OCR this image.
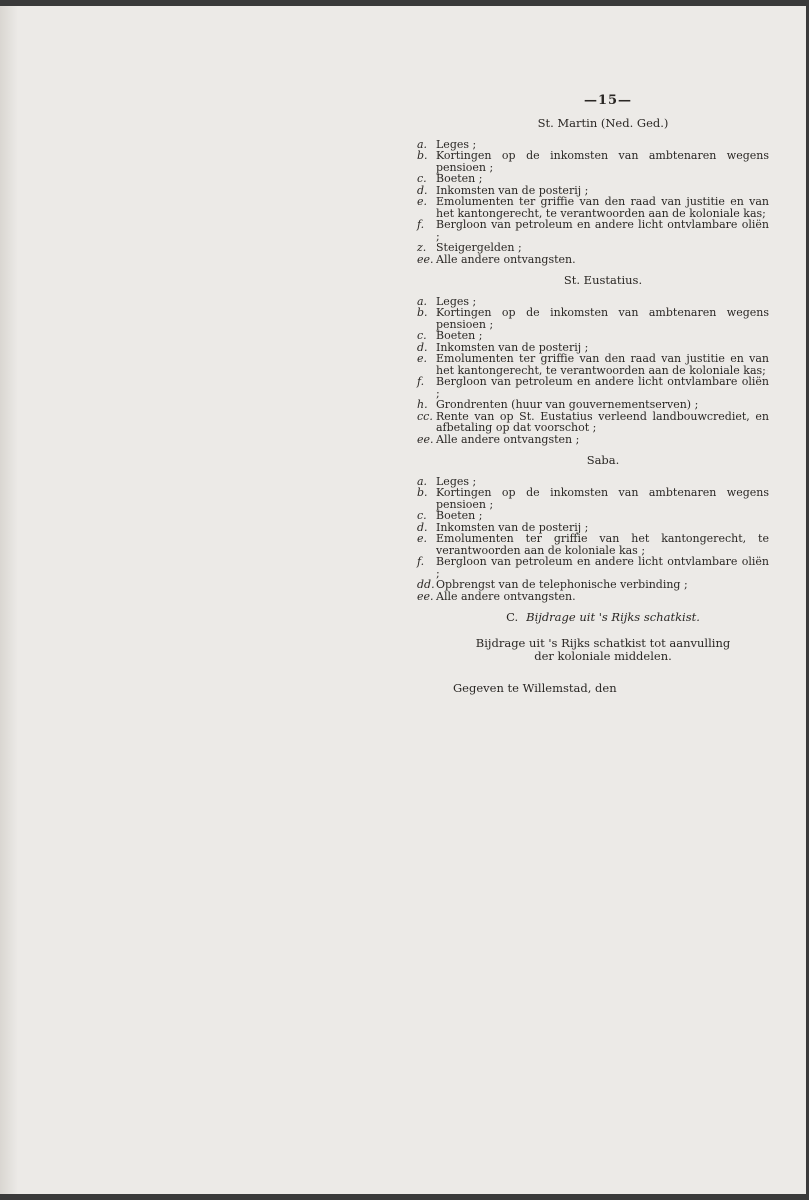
—15—
St. Martin (Ned. Ged.)
a. Leges ;
b. Kortingen op de inkomsten van ambtenaren wegens pensioen ;
c. Boeten ;
d. Inkomsten van de posterij ;
e. Emolumenten ter griffie van den raad van justitie en van het kantongerecht, te verantwoorden aan de koloniale kas;
f.	Bergloon van petroleum en andere licht ontvlambare oliën ;
z. Steigergelden ;
ee. Alle andere ontvangsten.
St. Eustatius.
a. Leges ;
b. Kortingen op de inkomsten van ambtenaren wegens pensioen ;
c. Boeten ;
d. Inkomsten van de posterij ;
e. Emolumenten ter griffie van den raad van justitie en van het kantongerecht, te verantwoorden aan de koloniale kas;
f.	Bergloon van petroleum en andere licht ontvlambare oliën ;
h. Grondrenten (huur van gouvernementserven) ;
cc. Rente van op St. Eustatius verleend landbouwcrediet, en afbetaling op dat voorschot ;
ee. Alle andere ontvangsten ;
Saba.
a. Leges ;
b. Kortingen op de inkomsten van ambtenaren wegens pensioen ;
c. Boeten ;
d. Inkomsten van de posterij ;
e. Emolumenten ter griffie van het kantongerecht, te verantwoorden aan de koloniale kas ;
f.	Bergloon van petroleum en andere licht ontvlambare oliën ;
dd. Opbrengst van de telephonische verbinding ;
ee. Alle andere ontvangsten.
C. Bijdrage uit 's Rijks schatkist.
Bijdrage uit 's Rijks schatkist tot aanvulling
der koloniale middelen.
Gegeven te Willemstad, den
